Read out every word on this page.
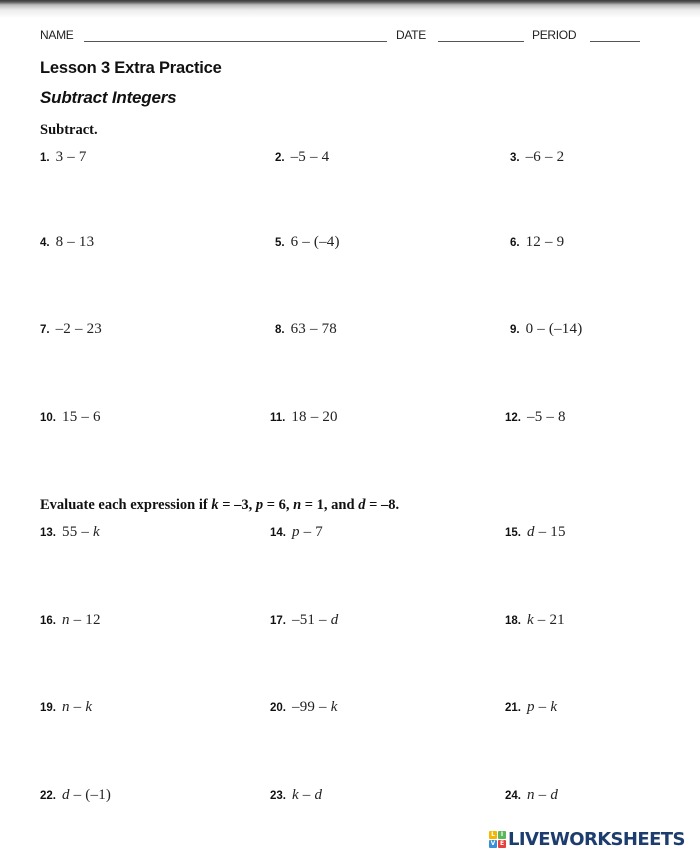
NAME	DATE	PERIOD
Lesson 3 Extra Practice
Subtract Integers
Subtract.
1. 3 – 7	2. –5 – 4	3. –6 – 2
4. 8 – 13	5. 6 – (–4)	6. 12 – 9
7. –2 – 23	8. 63 – 78	9. 0 – (–14)
10. 15 – 6	11. 18 – 20	12. –5 – 8
Evaluate each expression if k = –3, p = 6, n = 1, and d = –8.
13. 55 – k	14. p – 7	15. d – 15
16. n – 12	17. –51 – d	18. k – 21
19. n – k	20. –99 – k	21. p – k
22. d – (–1)	23. k – d	24. n – d
L I
V E LIVEWORKSHEETS
